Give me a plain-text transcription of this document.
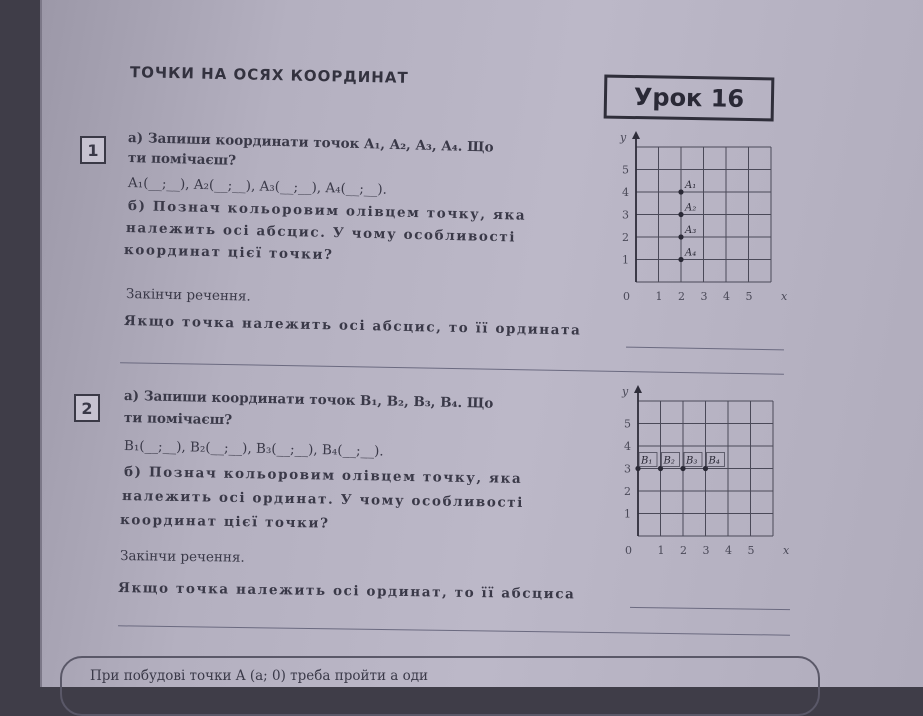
ТОЧКИ НА ОСЯХ КООРДИНАТ
Урок 16
1	а) Запиши координати точок A₁, A₂, A₃, A₄. Що
ти помічаєш?
A₁(__;__), A₂(__;__), A₃(__;__), A₄(__;__).
б) Познач кольоровим олівцем точку, яка
належить осі абсцис. У чому особливості
координат цієї точки?
Закінчи речення.
Якщо точка належить осі абсцис, то її ордината
y
1
2
3
4
5
0 1 2 3 4 5	x
A₁
A₂
A₃
A₄
2	а) Запиши координати точок B₁, B₂, B₃, B₄. Що
ти помічаєш?
B₁(__;__), B₂(__;__), B₃(__;__), B₄(__;__).
б) Познач кольоровим олівцем точку, яка
належить осі ординат. У чому особливості
координат цієї точки?
Закінчи речення.
Якщо точка належить осі ординат, то її абсциса
y
1
2
3
4
5
0 1 2 3 4 5	x
B₁ B₂ B₃ B₄
При побудові точки A (a; 0) треба пройти а оди
